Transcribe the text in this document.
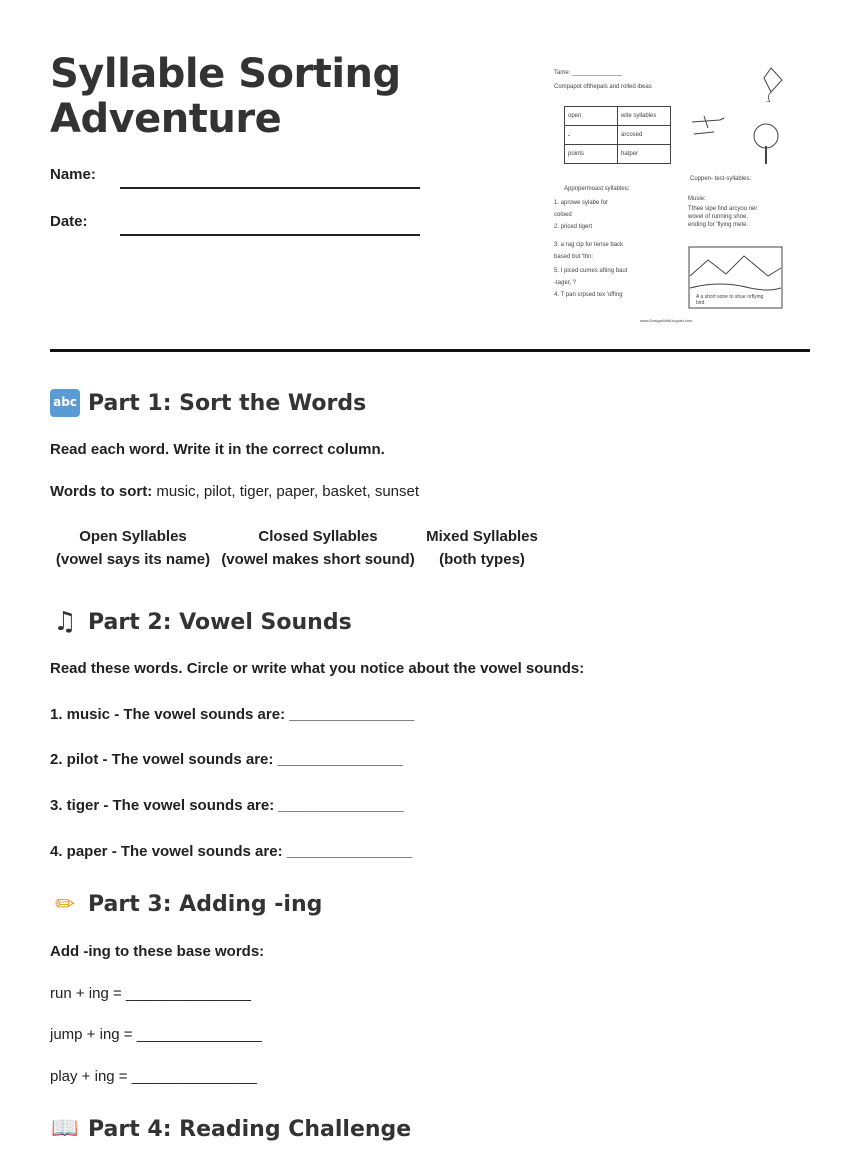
Syllable Sorting Adventure
Name:
Date:
Tame: _______________
Compapot ofthepals and rolled ibeas
open	wite syllables
𝅘𝅥	arcosed
points	hatper
Cuppen- test-syllables:
Appripermoast syllables:
1. aprowe sylabe for
coloed
2. priced tigert
3. a rag cip for tense back
based but 'thn:
5. I piced cumes afting baut
-tager, ?
4. T pan crpsed tex 'offing
Musie:
Tthee sipe find arcyou ner
wovel of running shoe.
ending for 'flying mete.
A a short sone to shue orflying bird.
www.DesignWithLinguist.com
abc Part 1: Sort the Words
Read each word. Write it in the correct column.
Words to sort: music, pilot, tiger, paper, basket, sunset
Open Syllables
(vowel says its name)
Closed Syllables
(vowel makes short sound)
Mixed Syllables
(both types)
♫ Part 2: Vowel Sounds
Read these words. Circle or write what you notice about the vowel sounds:
1. music - The vowel sounds are: _______________
2. pilot - The vowel sounds are: _______________
3. tiger - The vowel sounds are: _______________
4. paper - The vowel sounds are: _______________
✏ Part 3: Adding -ing
Add -ing to these base words:
run + ing = _______________
jump + ing = _______________
play + ing = _______________
📖 Part 4: Reading Challenge
